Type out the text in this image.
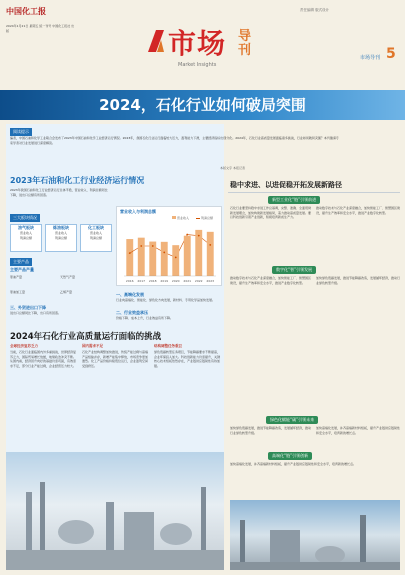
中国化工报
2024年1月21日 星期五 统一刊号 中国化工报社 出版
责任编辑 版式设计
市场 导刊
Market Insights
市场导刊 5
2024，石化行业如何破局突围
阅读提示
编者，中国石油和化学工业联合会发布了2023年中国石油和化学工业经济运行情况。2023年，我国石化行业运行面临较大压力，盈利能力下滑，主要经济指标出现分化。2024年，石化行业高质量发展面临诸多挑战，行业如何破局突围？本刊邀请专家学者对行业发展进行深度解读。
本版文字 本报记者
2023年石油和化工行业经济运行情况
2023年我国石油和化工行业经济运行总体平稳，营业收入、利润总额同比下降，进出口总额有所回落。
三大板块情况
油气板块
营业收入
利润总额
炼油板块
营业收入
利润总额
化工板块
营业收入
利润总额
主要产品
主要产品产量
原油产量	天然气产量
原油加工量	乙烯产量
营业收入与利润总额
营业收入	利润总额
2016 2017 2018 2019 2020 2021 2022 2023
一、高端化发展
行业向高端化、智能化、绿色化方向发展，新材料、专用化学品加快发展。
二、行业效益承压
价格下降、成本上升，行业效益有所下降。
三、外贸进出口下降
进出口总额同比下降，出口有所回落。
2024年石化行业高质量运行面临的挑战
全球经济复苏乏力
当前，石化行业面临国内外多重挑战，世界经济复苏乏力，国际贸易增长放缓，地缘政治冲突不断。从国内看，经济回升向好的基础仍需巩固，有效需求不足，部分行业产能过剩，企业经营压力较大。
国内需求不足
石化产业结构调整加快推进，传统产能过剩与高端产品短缺并存，新增产能集中释放，市场竞争更加激烈。化工产品价格持续低位运行，企业盈利空间受到挤压。
结构调整任务艰巨
绿色低碳转型任务艰巨，节能降碳要求不断提高，企业环保投入加大。科技创新能力仍需提升，关键核心技术短板依然存在，产业链供应链韧性有待加强。
稳中求进、以进促稳开拓发展新路径
新型工业化“链”引领前进
石化行业要坚持稳中求进工作总基调，完整、准确、全面贯彻新发展理念，加快构建新发展格局，着力推动高质量发展。要以科技创新引领产业创新，积极培育新质生产力。
推动数字技术与石化产业深度融合，加快智能工厂、智慧园区建设，提升生产效率和安全水平，推进产业数字化转型。
数字化“智”引领发展
推动数字技术与石化产业深度融合，加快智能工厂、智慧园区建设，提升生产效率和安全水平，推进产业数字化转型。
加快绿色低碳发展，推进节能降碳改造，发展循环经济，推动行业绿色转型升级。
绿色化赋能“碳”引领未来
加快绿色低碳发展，推进节能降碳改造，发展循环经济，推动行业绿色转型升级。
加快高端化发展，补齐高端新材料短板，提升产业链供应链韧性和安全水平，培育新的增长点。
高端化“链”引领创新
加快高端化发展，补齐高端新材料短板，提升产业链供应链韧性和安全水平，培育新的增长点。
